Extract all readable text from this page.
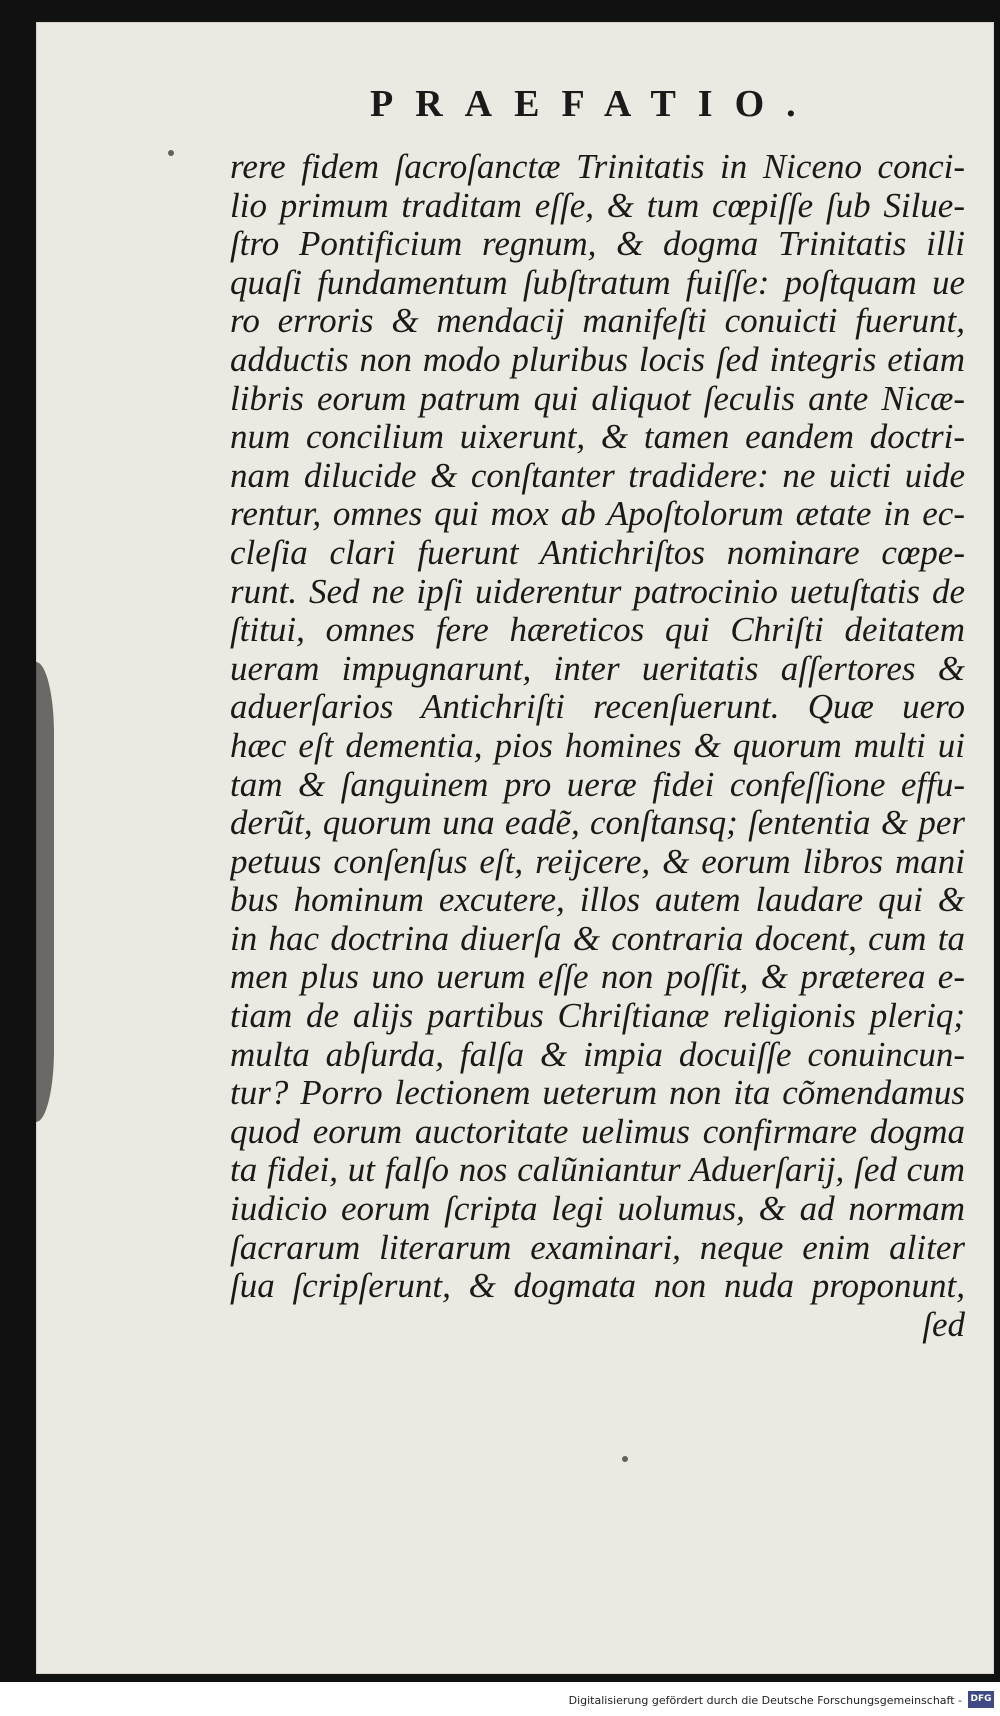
PRAEFATIO.
rere fidem ſacroſanctæ Trinitatis in Niceno conci-
lio primum traditam eſſe, & tum cœpiſſe ſub Silue-
ſtro Pontificium regnum, & dogma Trinitatis illi
quaſi fundamentum ſubſtratum fuiſſe: poſtquam ue
ro erroris & mendacij manifeſti conuicti fuerunt,
adductis non modo pluribus locis ſed integris etiam
libris eorum patrum qui aliquot ſeculis ante Nicæ-
num concilium uixerunt, & tamen eandem doctri-
nam dilucide & conſtanter tradidere: ne uicti uide
rentur, omnes qui mox ab Apoſtolorum ætate in ec-
cleſia clari fuerunt Antichriſtos nominare cœpe-
runt. Sed ne ipſi uiderentur patrocinio uetuſtatis de
ſtitui, omnes fere hæreticos qui Chriſti deitatem
ueram impugnarunt, inter ueritatis aſſertores &
aduerſarios Antichriſti recenſuerunt. Quæ uero
hæc eſt dementia, pios homines & quorum multi ui
tam & ſanguinem pro ueræ fidei confeſſione effu-
derũt, quorum una eadẽ, conſtansq; ſententia & per
petuus conſenſus eſt, reijcere, & eorum libros mani
bus hominum excutere, illos autem laudare qui &
in hac doctrina diuerſa & contraria docent, cum ta
men plus uno uerum eſſe non poſſit, & præterea e-
tiam de alijs partibus Chriſtianæ religionis pleriq;
multa abſurda, falſa & impia docuiſſe conuincun-
tur? Porro lectionem ueterum non ita cõmendamus
quod eorum auctoritate uelimus confirmare dogma
ta fidei, ut falſo nos calũniantur Aduerſarij, ſed cum
iudicio eorum ſcripta legi uolumus, & ad normam
ſacrarum literarum examinari, neque enim aliter
ſua ſcripſerunt, & dogmata non nuda proponunt,
ſed
Digitalisierung gefördert durch die Deutsche Forschungsgemeinschaft - DFG
